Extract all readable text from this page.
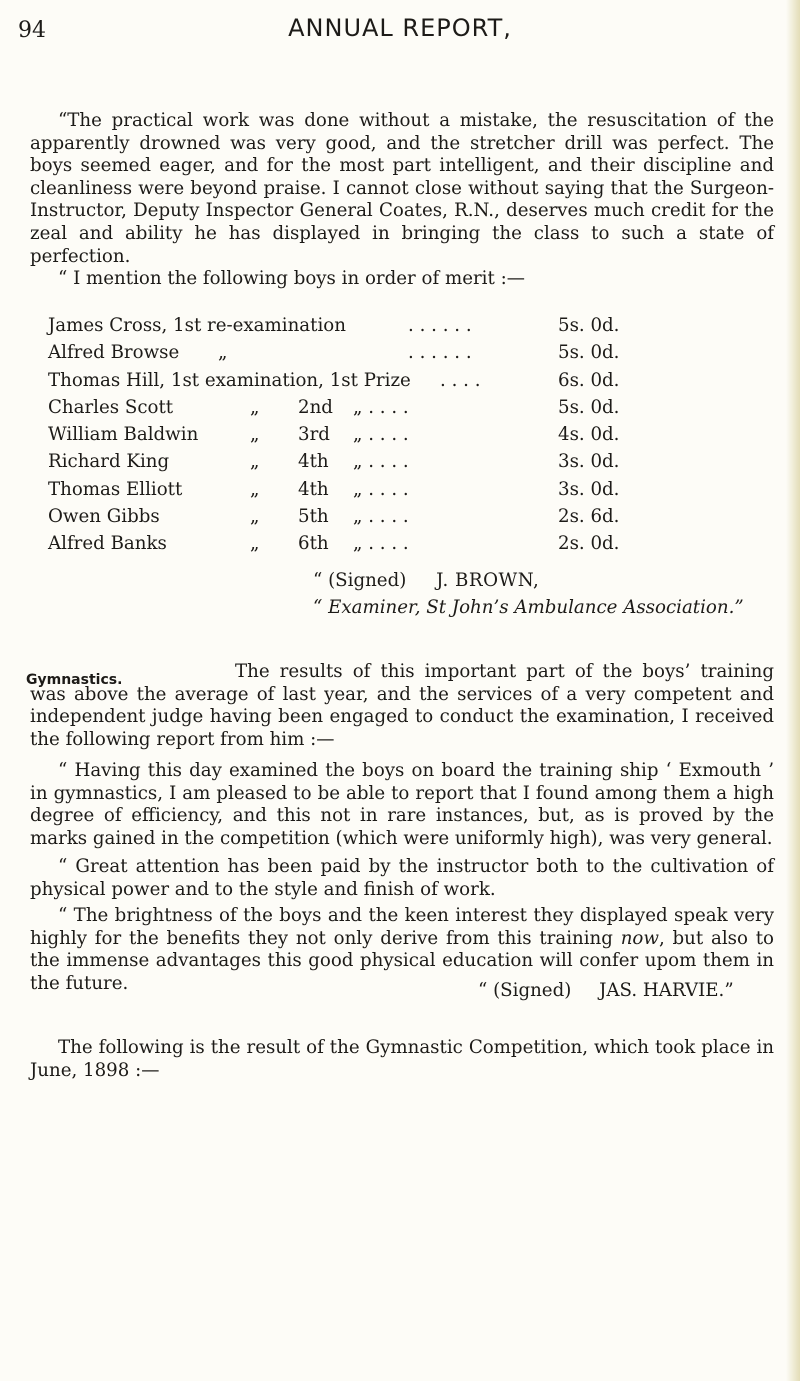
94	ANNUAL REPORT,

“The practical work was done without a mistake, the resuscitation of the apparently drowned was very good, and the stretcher drill was perfect. The boys seemed eager, and for the most part intelligent, and their discipline and cleanliness were beyond praise. I cannot close without saying that the Surgeon-Instructor, Deputy Inspector General Coates, R.N., deserves much credit for the zeal and ability he has displayed in bringing the class to such a state of perfection.

“ I mention the following boys in order of merit :—

James Cross, 1st re-examination	. . . . . .	5s. 0d.
Alfred Browse „	. . . . . .	5s. 0d.
Thomas Hill, 1st examination, 1st Prize . . . .	6s. 0d.
Charles Scott	„ 2nd „ . . . .	5s. 0d.
William Baldwin	„ 3rd „ . . . .	4s. 0d.
Richard King	„ 4th „ . . . .	3s. 0d.
Thomas Elliott	„ 4th „ . . . .	3s. 0d.
Owen Gibbs	„ 5th „ . . . .	2s. 6d.
Alfred Banks	„ 6th „ . . . .	2s. 0d.
“ (Signed) J. BROWN,
“ Examiner, St John’s Ambulance Association.”
Gymnastics.	The results of this important part of the boys’ training was above the average of last year, and the services of a very competent and independent judge having been engaged to conduct the examination, I received the following report from him :—

“ Having this day examined the boys on board the training ship ‘ Exmouth ’ in gymnastics, I am pleased to be able to report that I found among them a high degree of efficiency, and this not in rare instances, but, as is proved by the marks gained in the competition (which were uniformly high), was very general.

“ Great attention has been paid by the instructor both to the cultivation of physical power and to the style and finish of work.

“ The brightness of the boys and the keen interest they displayed speak very highly for the benefits they not only derive from this training now, but also to the immense advantages this good physical education will confer upom them in the future.	“ (Signed) JAS. HARVIE.”

The following is the result of the Gymnastic Competition, which took place in June, 1898 :—
